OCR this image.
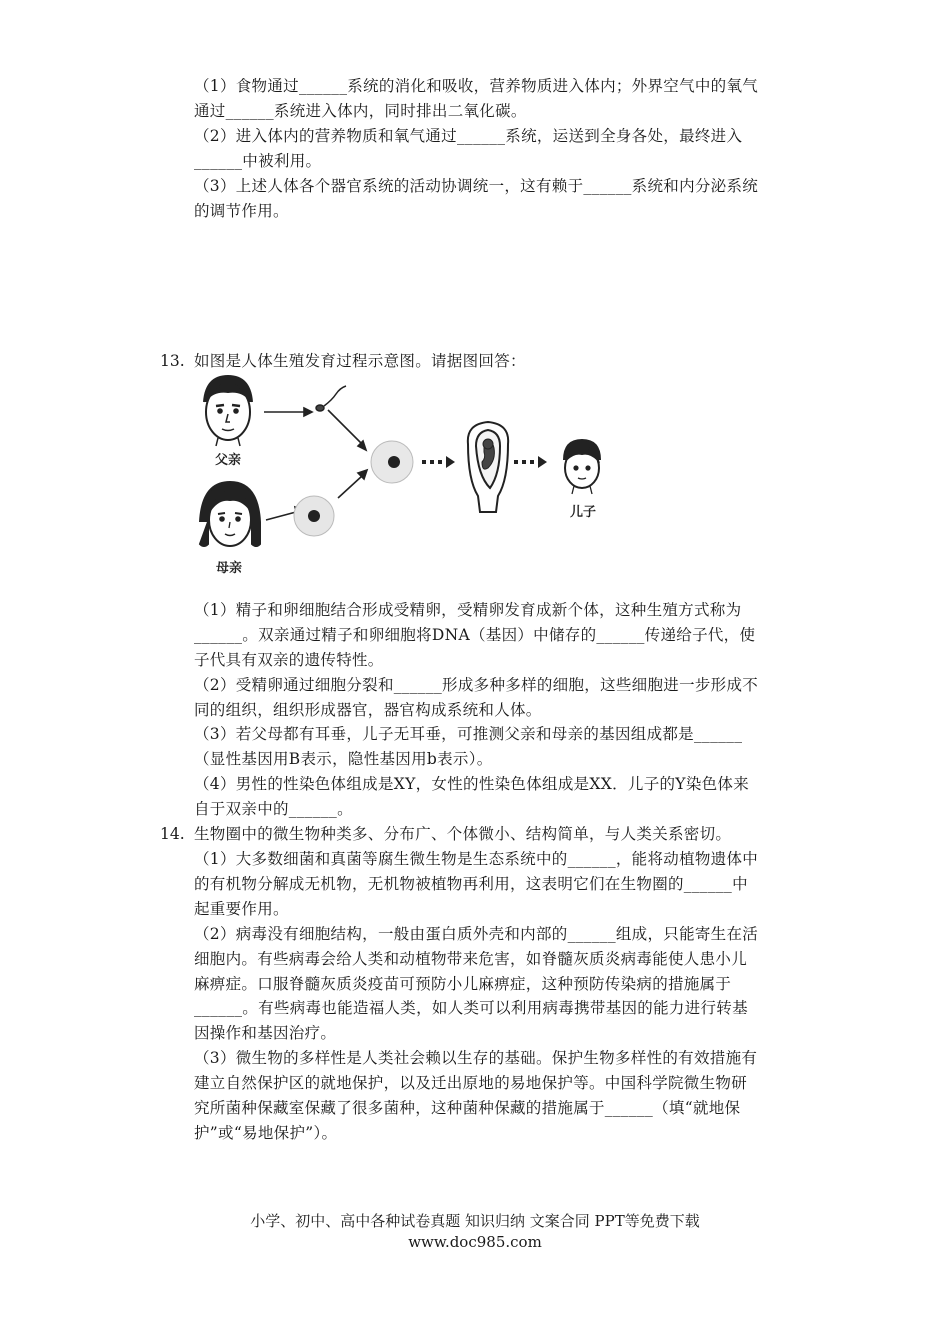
（1）食物通过______系统的消化和吸收，营养物质进入体内；外界空气中的氧气
通过______系统进入体内，同时排出二氧化碳。
（2）进入体内的营养物质和氧气通过______系统，运送到全身各处，最终进入
______中被利用。
（3）上述人体各个器官系统的活动协调统一，这有赖于______系统和内分泌系统
的调节作用。
13. 如图是人体生殖发育过程示意图。请据图回答：
父亲
母亲
儿子
（1）精子和卵细胞结合形成受精卵，受精卵发育成新个体，这种生殖方式称为
______。双亲通过精子和卵细胞将DNA（基因）中储存的______传递给子代，使
子代具有双亲的遗传特性。
（2）受精卵通过细胞分裂和______形成多种多样的细胞，这些细胞进一步形成不
同的组织，组织形成器官，器官构成系统和人体。
（3）若父母都有耳垂，儿子无耳垂，可推测父亲和母亲的基因组成都是______
（显性基因用B表示，隐性基因用b表示）。
（4）男性的性染色体组成是XY，女性的性染色体组成是XX．儿子的Y染色体来
自于双亲中的______。
14. 生物圈中的微生物种类多、分布广、个体微小、结构简单，与人类关系密切。
（1）大多数细菌和真菌等腐生微生物是生态系统中的______，能将动植物遗体中
的有机物分解成无机物，无机物被植物再利用，这表明它们在生物圈的______中
起重要作用。
（2）病毒没有细胞结构，一般由蛋白质外壳和内部的______组成，只能寄生在活
细胞内。有些病毒会给人类和动植物带来危害，如脊髓灰质炎病毒能使人患小儿
麻痹症。口服脊髓灰质炎疫苗可预防小儿麻痹症，这种预防传染病的措施属于
______。有些病毒也能造福人类，如人类可以利用病毒携带基因的能力进行转基
因操作和基因治疗。
（3）微生物的多样性是人类社会赖以生存的基础。保护生物多样性的有效措施有
建立自然保护区的就地保护，以及迁出原地的易地保护等。中国科学院微生物研
究所菌种保藏室保藏了很多菌种，这种菌种保藏的措施属于______（填“就地保
护”或“易地保护”）。
小学、初中、高中各种试卷真题 知识归纳 文案合同 PPT等免费下载
www.doc985.com
